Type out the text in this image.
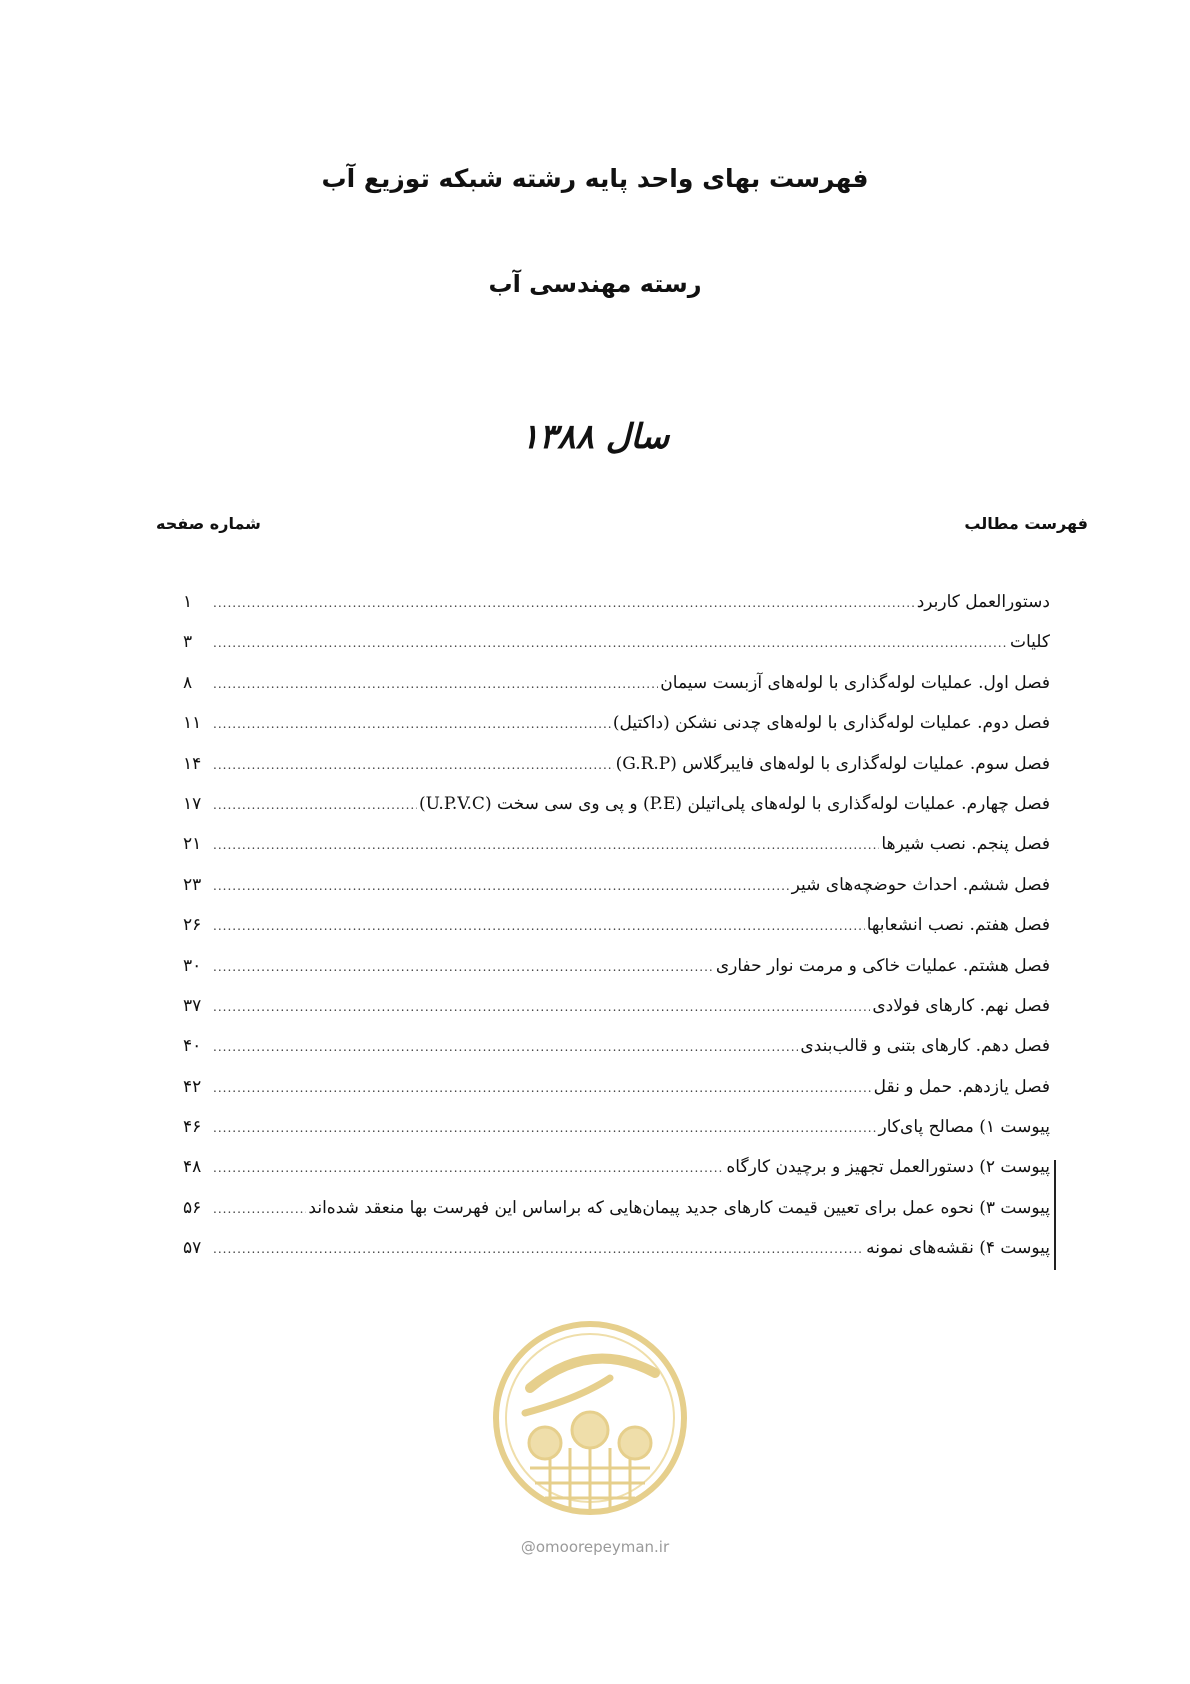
فهرست بهای واحد پایه رشته شبکه توزیع آب
رسته مهندسی آب
سال ۱۳۸۸
فهرست مطالب
شماره صفحه
دستورالعمل کاربرد
.....
۱
کلیات
.....
۳
فصل اول. عملیات لوله‌گذاری با لوله‌های آزبست سیمان
.....
۸
فصل دوم. عملیات لوله‌گذاری با لوله‌های چدنی نشکن (داکتیل)
.....
۱۱
فصل سوم. عملیات لوله‌گذاری با لوله‌های فایبرگلاس (G.R.P)
.....
۱۴
فصل چهارم. عملیات لوله‌گذاری با لوله‌های پلی‌اتیلن (P.E) و پی وی سی سخت (U.P.V.C)
.....
۱۷
فصل پنجم. نصب شیرها
.....
۲۱
فصل ششم. احداث حوضچه‌های شیر
.....
۲۳
فصل هفتم. نصب انشعابها
.....
۲۶
فصل هشتم. عملیات خاکی و مرمت نوار حفاری
.....
۳۰
فصل نهم. کارهای فولادی
.....
۳۷
فصل دهم. کارهای بتنی و قالب‌بندی
.....
۴۰
فصل یازدهم. حمل و نقل
.....
۴۲
پیوست ۱) مصالح پای‌کار
.....
۴۶
پیوست ۲) دستورالعمل تجهیز و برچیدن کارگاه
.....
۴۸
پیوست ۳) نحوه عمل برای تعیین قیمت کارهای جدید پیمان‌هایی که براساس این فهرست بها منعقد شده‌اند
.....
۵۶
پیوست ۴) نقشه‌های نمونه
.....
۵۷
@omoorepeyman.ir
